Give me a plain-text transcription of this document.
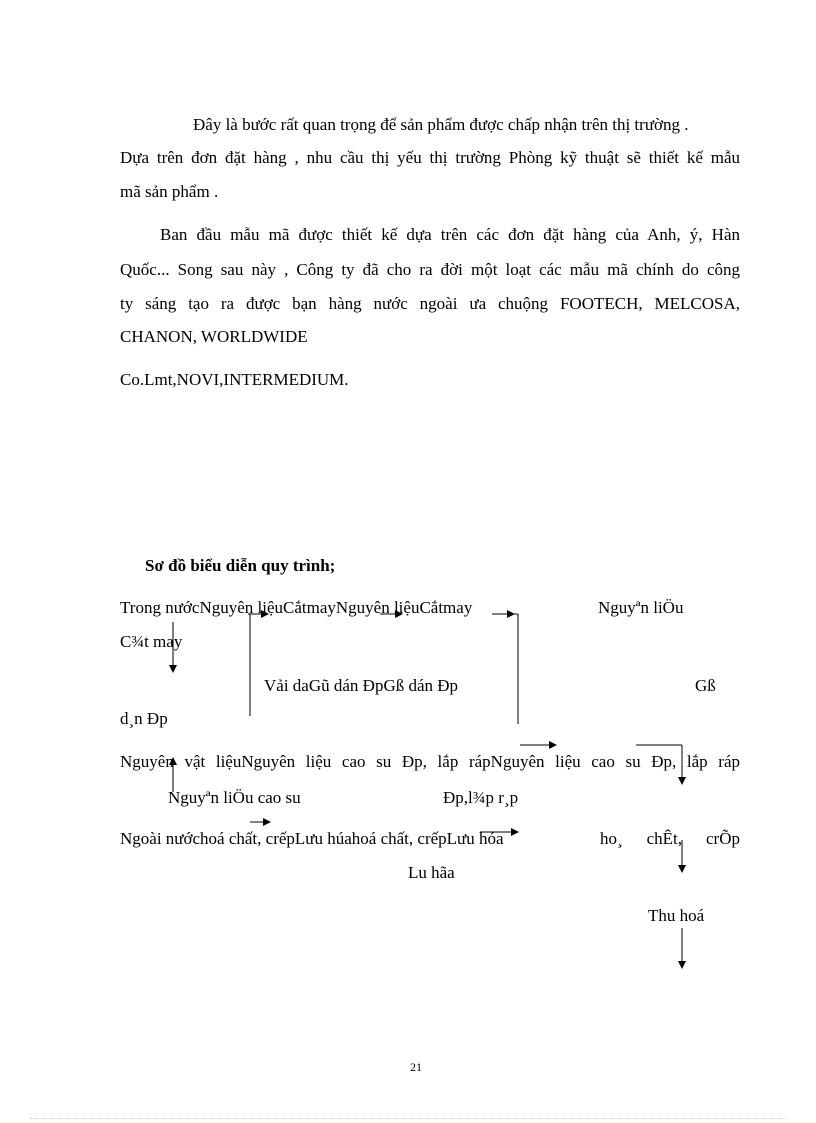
Đây là bước rất quan trọng để sản phẩm được chấp nhận trên thị trường .
Dựa trên đơn đặt hàng , nhu cầu thị yếu thị trường Phòng kỹ thuật sẽ thiết kế mẫu
mã sản phẩm .
Ban đầu mẫu mã được thiết kế dựa trên các đơn đặt hàng của Anh, ý, Hàn
Quốc... Song sau này , Công ty đã cho ra đời một loạt các mẫu mã chính do công
ty sáng tạo ra được bạn hàng nước ngoài ưa chuộng FOOTECH, MELCOSA,
CHANON, WORLDWIDE
Co.Lmt,NOVI,INTERMEDIUM.
Sơ đồ biểu diễn quy trình;
Trong nướcNguyên liệuCắtmayNguyên liệuCắtmay	Nguyªn liÖu
C¾t may
Vải daGũ dán ĐpGß dán Đp	Gß
d¸n Đp
Nguyên vật liệuNguyên liệu cao su Đp, lắp rápNguyên liệu cao su Đp, lắp ráp
Nguyªn liÖu cao su	Đp,l¾p r¸p
Ngoài nướchoá chất, crếpLưu húahoá chất, crếpLưu hóa	ho¸ chÊt, crÕp
Lu hãa
Thu hoá
21
